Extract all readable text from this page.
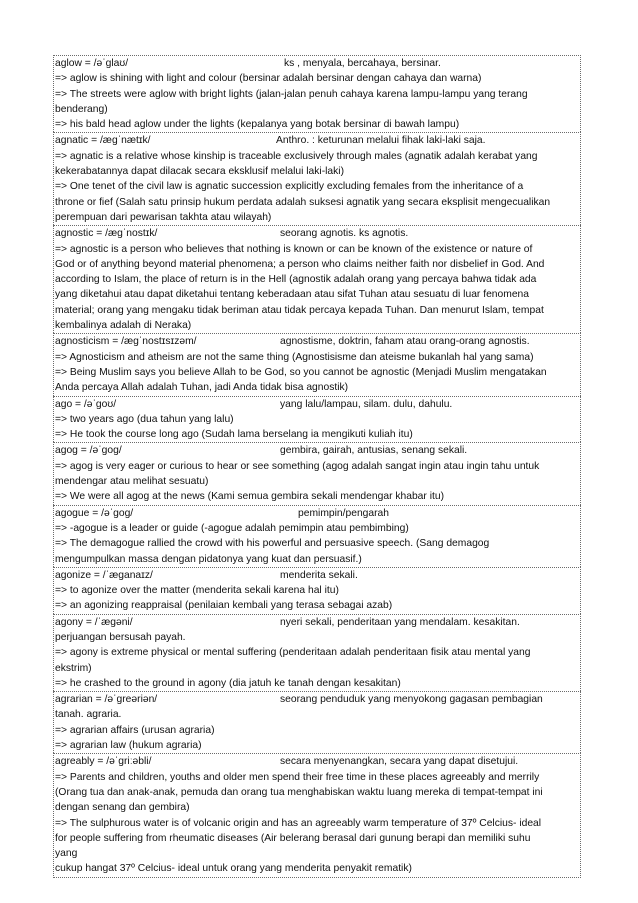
aglow = /əˈɡlaʊ/	ks , menyala, bercahaya, bersinar.
=> aglow is shining with light and colour (bersinar adalah bersinar dengan cahaya dan warna)
=> The streets were aglow with bright lights (jalan-jalan penuh cahaya karena lampu-lampu yang terang
benderang)
=> his bald head aglow under the lights (kepalanya yang botak bersinar di bawah lampu)
agnatic = /ægˈnætɪk/	Anthro. : keturunan melalui fihak laki-laki saja.
=> agnatic is a relative whose kinship is traceable exclusively through males (agnatik adalah kerabat yang
kekerabatannya dapat dilacak secara eksklusif melalui laki-laki)
=> One tenet of the civil law is agnatic succession explicitly excluding females from the inheritance of a
throne or fief (Salah satu prinsip hukum perdata adalah suksesi agnatik yang secara eksplisit mengecualikan
perempuan dari pewarisan takhta atau wilayah)
agnostic = /ægˈnostɪk/	seorang agnotis. ks agnotis.
=> agnostic is a person who believes that nothing is known or can be known of the existence or nature of
God or of anything beyond material phenomena; a person who claims neither faith nor disbelief in God. And
according to Islam, the place of return is in the Hell (agnostik adalah orang yang percaya bahwa tidak ada
yang diketahui atau dapat diketahui tentang keberadaan atau sifat Tuhan atau sesuatu di luar fenomena
material; orang yang mengaku tidak beriman atau tidak percaya kepada Tuhan. Dan menurut Islam, tempat
kembalinya adalah di Neraka)
agnosticism = /ægˈnostɪsɪzəm/	agnostisme, doktrin, faham atau orang-orang agnostis.
=> Agnosticism and atheism are not the same thing (Agnostisisme dan ateisme bukanlah hal yang sama)
=> Being Muslim says you believe Allah to be God, so you cannot be agnostic (Menjadi Muslim mengatakan
Anda percaya Allah adalah Tuhan, jadi Anda tidak bisa agnostik)
ago = /əˈɡoʊ/	yang lalu/lampau, silam. dulu, dahulu.
=> two years ago (dua tahun yang lalu)
=> He took the course long ago (Sudah lama berselang ia mengikuti kuliah itu)
agog = /əˈɡoɡ/	gembira, gairah, antusias, senang sekali.
=> agog is very eager or curious to hear or see something (agog adalah sangat ingin atau ingin tahu untuk
mendengar atau melihat sesuatu)
=> We were all agog at the news (Kami semua gembira sekali mendengar khabar itu)
agogue = /əˈɡoɡ/	pemimpin/pengarah
=> -agogue is a leader or guide (-agogue adalah pemimpin atau pembimbing)
=> The demagogue rallied the crowd with his powerful and persuasive speech. (Sang demagog
mengumpulkan massa dengan pidatonya yang kuat dan persuasif.)
agonize = /ˈæɡanaɪz/	menderita sekali.
=> to agonize over the matter (menderita sekali karena hal itu)
=> an agonizing reappraisal (penilaian kembali yang terasa sebagai azab)
agony = /ˈæɡəni/	nyeri sekali, penderitaan yang mendalam. kesakitan.
perjuangan bersusah payah.
=> agony is extreme physical or mental suffering (penderitaan adalah penderitaan fisik atau mental yang
ekstrim)
=> he crashed to the ground in agony (dia jatuh ke tanah dengan kesakitan)
agrarian = /əˈɡreəriən/	seorang penduduk yang menyokong gagasan pembagian
tanah. agraria.
=> agrarian affairs (urusan agraria)
=> agrarian law (hukum agraria)
agreably = /əˈɡriːəbli/	secara menyenangkan, secara yang dapat disetujui.
=> Parents and children, youths and older men spend their free time in these places agreeably and merrily
(Orang tua dan anak-anak, pemuda dan orang tua menghabiskan waktu luang mereka di tempat-tempat ini
dengan senang dan gembira)
=> The sulphurous water is of volcanic origin and has an agreeably warm temperature of 37º Celcius- ideal
for people suffering from rheumatic diseases (Air belerang berasal dari gunung berapi dan memiliki suhu
yang
cukup hangat 37º Celcius- ideal untuk orang yang menderita penyakit rematik)
